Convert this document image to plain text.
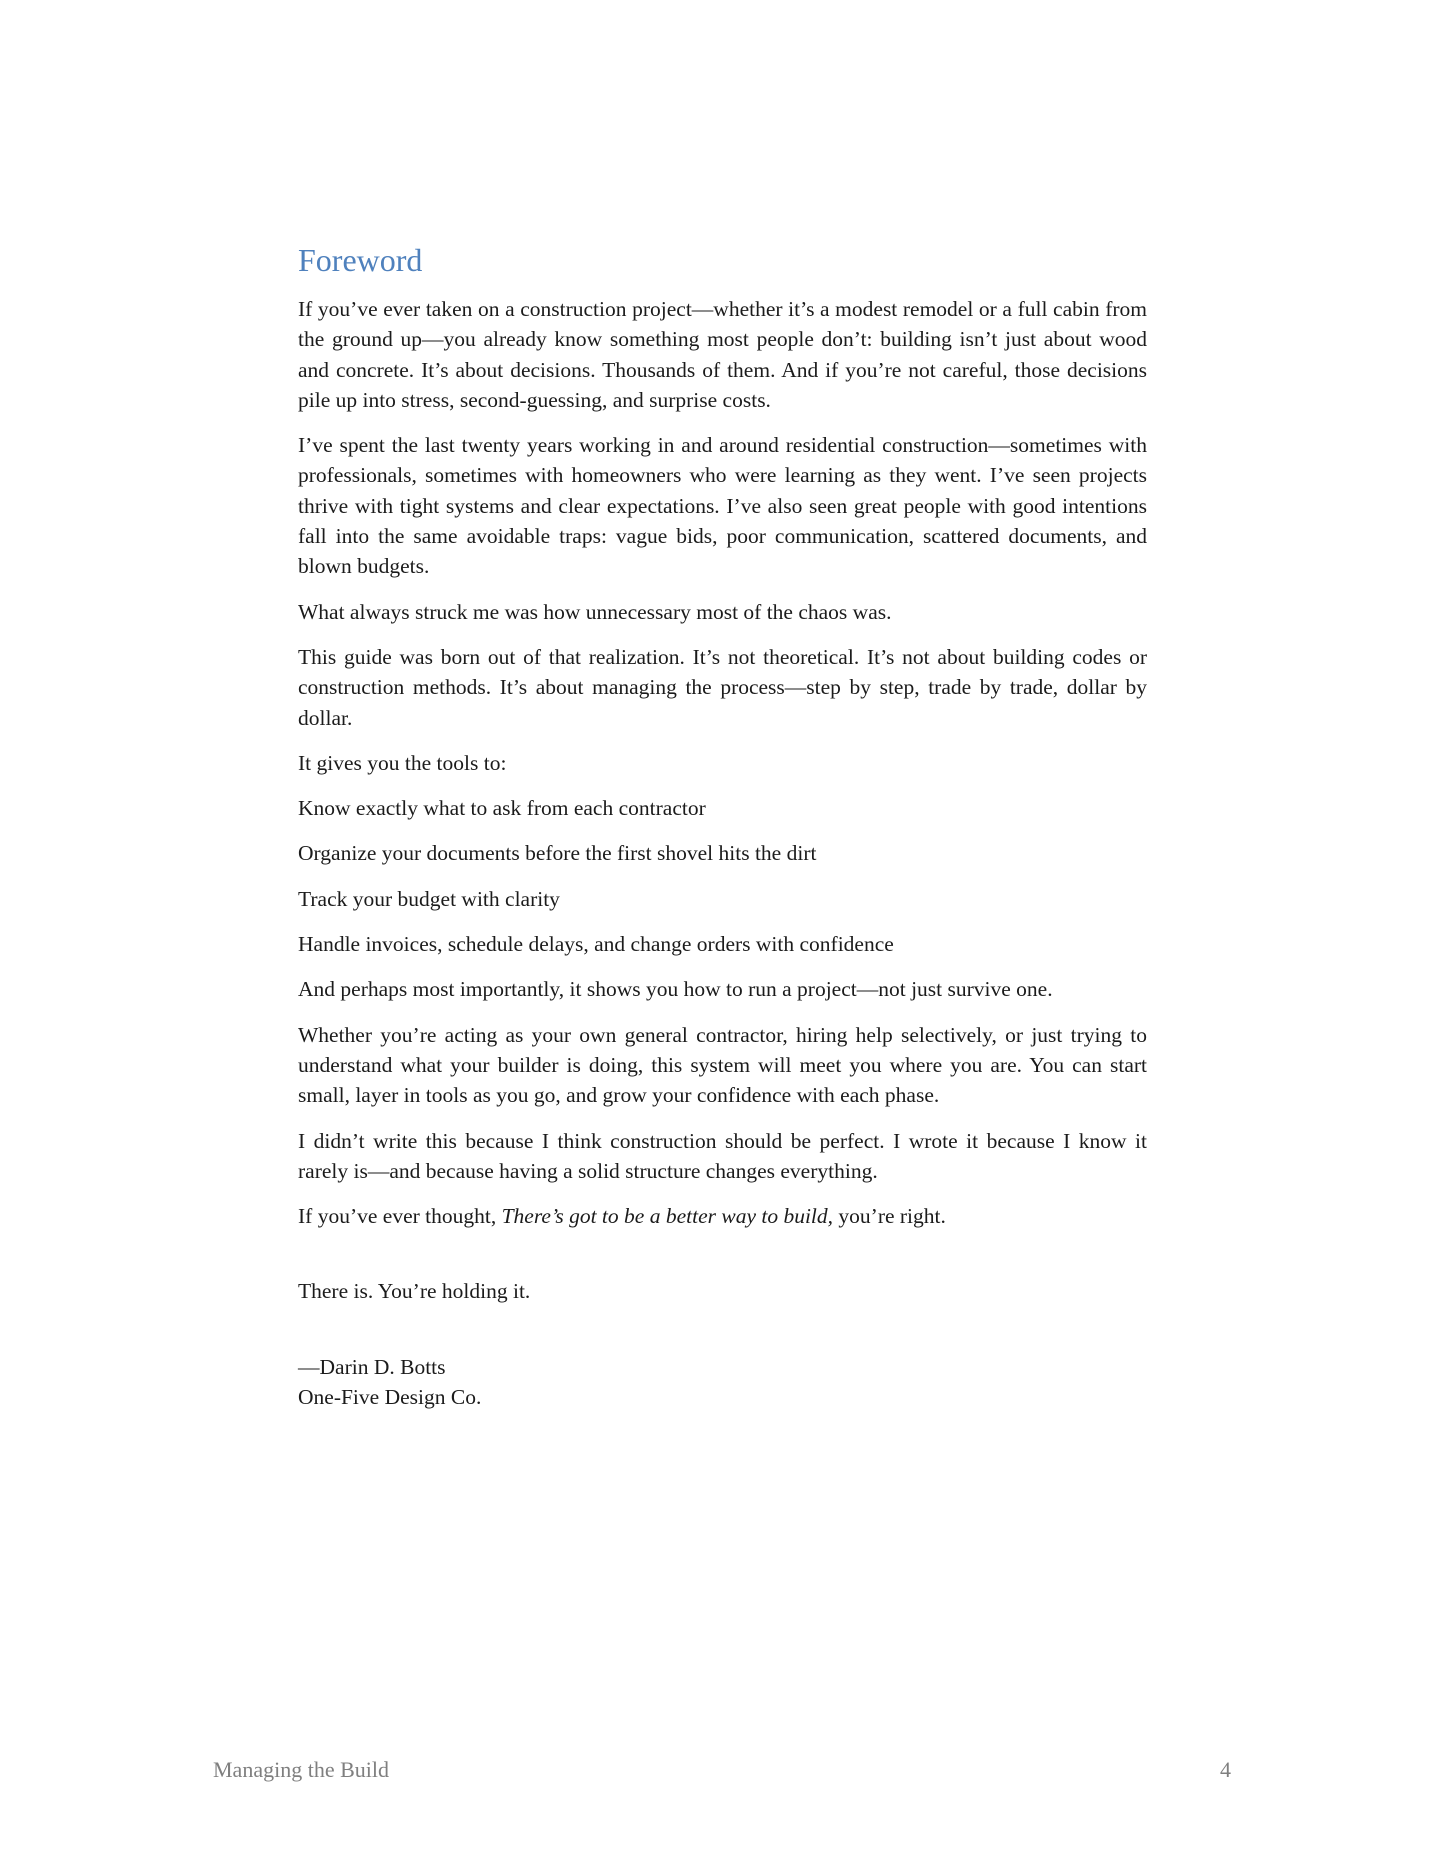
Foreword

If you’ve ever taken on a construction project—whether it’s a modest remodel or a full cabin from the ground up—you already know something most people don’t: building isn’t just about wood and concrete. It’s about decisions. Thousands of them. And if you’re not careful, those decisions pile up into stress, second-guessing, and surprise costs.

I’ve spent the last twenty years working in and around residential construction—sometimes with professionals, sometimes with homeowners who were learning as they went. I’ve seen projects thrive with tight systems and clear expectations. I’ve also seen great people with good intentions fall into the same avoidable traps: vague bids, poor communication, scattered documents, and blown budgets.

What always struck me was how unnecessary most of the chaos was.

This guide was born out of that realization. It’s not theoretical. It’s not about building codes or construction methods. It’s about managing the process—step by step, trade by trade, dollar by dollar.

It gives you the tools to:

Know exactly what to ask from each contractor

Organize your documents before the first shovel hits the dirt

Track your budget with clarity

Handle invoices, schedule delays, and change orders with confidence

And perhaps most importantly, it shows you how to run a project—not just survive one.

Whether you’re acting as your own general contractor, hiring help selectively, or just trying to understand what your builder is doing, this system will meet you where you are. You can start small, layer in tools as you go, and grow your confidence with each phase.

I didn’t write this because I think construction should be perfect. I wrote it because I know it rarely is—and because having a solid structure changes everything.

If you’ve ever thought, There’s got to be a better way to build, you’re right.

There is. You’re holding it.

—Darin D. Botts

One-Five Design Co.

Managing the Build	4
